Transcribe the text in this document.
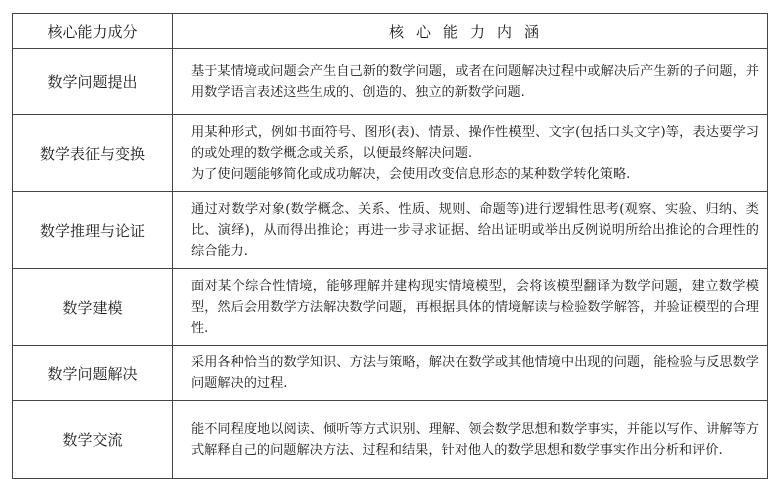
核心能力成分	核心能力内涵
数学问题提出	基于某情境或问题会产生自己新的数学问题，或者在问题解决过程中或解决后产生新的子问题，并用数学语言表述这些生成的、创造的、独立的新数学问题.

数学表征与变换	用某种形式，例如书面符号、图形(表)、情景、操作性模型、文字(包括口头文字)等，表达要学习的或处理的数学概念或关系，以便最终解决问题.

为了使问题能够简化或成功解决，会使用改变信息形态的某种数学转化策略.

数学推理与论证	通过对数学对象(数学概念、关系、性质、规则、命题等)进行逻辑性思考(观察、实验、归纳、类比、演绎)，从而得出推论；再进一步寻求证据、给出证明或举出反例说明所给出推论的合理性的综合能力.

数学建模	面对某个综合性情境，能够理解并建构现实情境模型，会将该模型翻译为数学问题，建立数学模型，然后会用数学方法解决数学问题，再根据具体的情境解读与检验数学解答，并验证模型的合理性.

数学问题解决	采用各种恰当的数学知识、方法与策略，解决在数学或其他情境中出现的问题，能检验与反思数学问题解决的过程.

数学交流	能不同程度地以阅读、倾听等方式识别、理解、领会数学思想和数学事实，并能以写作、讲解等方式解释自己的问题解决方法、过程和结果，针对他人的数学思想和数学事实作出分析和评价.
